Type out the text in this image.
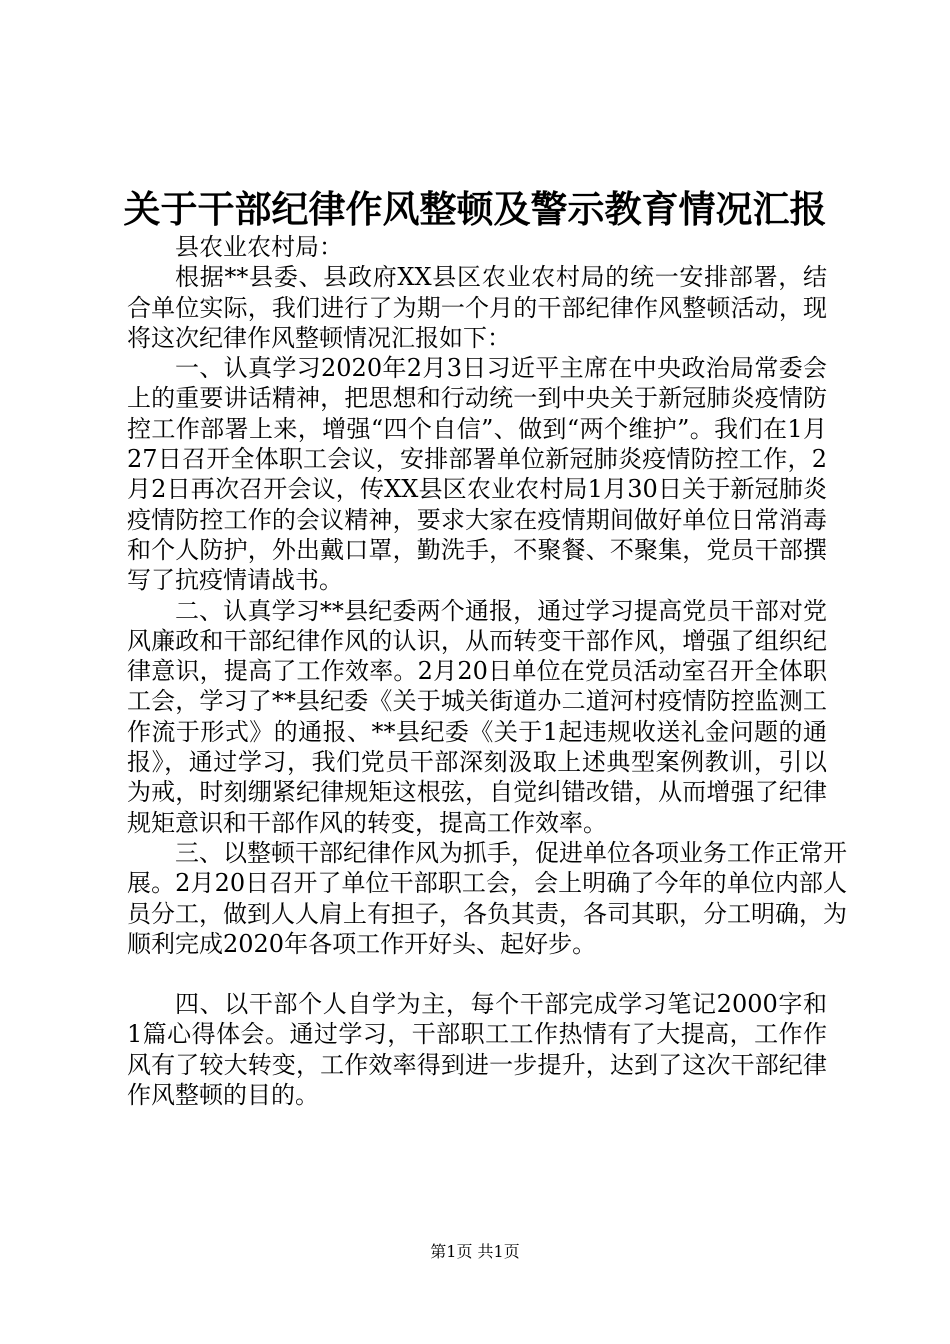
关于干部纪律作风整顿及警示教育情况汇报

县农业农村局：

根据**县委、县政府XX县区农业农村局的统一安排部署，结合单位实际，我们进行了为期一个月的干部纪律作风整顿活动，现将这次纪律作风整顿情况汇报如下：

一、认真学习2020年2月3日习近平主席在中央政治局常委会上的重要讲话精神，把思想和行动统一到中央关于新冠肺炎疫情防控工作部署上来，增强“四个自信”、做到“两个维护”。我们在1月27日召开全体职工会议，安排部署单位新冠肺炎疫情防控工作，2月2日再次召开会议，传XX县区农业农村局1月30日关于新冠肺炎疫情防控工作的会议精神，要求大家在疫情期间做好单位日常消毒和个人防护，外出戴口罩，勤洗手，不聚餐、不聚集，党员干部撰写了抗疫情请战书。

二、认真学习**县纪委两个通报，通过学习提高党员干部对党风廉政和干部纪律作风的认识，从而转变干部作风，增强了组织纪律意识，提高了工作效率。2月20日单位在党员活动室召开全体职工会，学习了**县纪委《关于城关街道办二道河村疫情防控监测工作流于形式》的通报、**县纪委《关于1起违规收送礼金问题的通报》，通过学习，我们党员干部深刻汲取上述典型案例教训，引以为戒，时刻绷紧纪律规矩这根弦，自觉纠错改错，从而增强了纪律规矩意识和干部作风的转变，提高工作效率。

三、以整顿干部纪律作风为抓手，促进单位各项业务工作正常开展。2月20日召开了单位干部职工会，会上明确了今年的单位内部人员分工，做到人人肩上有担子，各负其责，各司其职，分工明确，为顺利完成2020年各项工作开好头、起好步。

四、以干部个人自学为主，每个干部完成学习笔记2000字和1篇心得体会。通过学习，干部职工工作热情有了大提高，工作作风有了较大转变，工作效率得到进一步提升，达到了这次干部纪律作风整顿的目的。

第1页 共1页
